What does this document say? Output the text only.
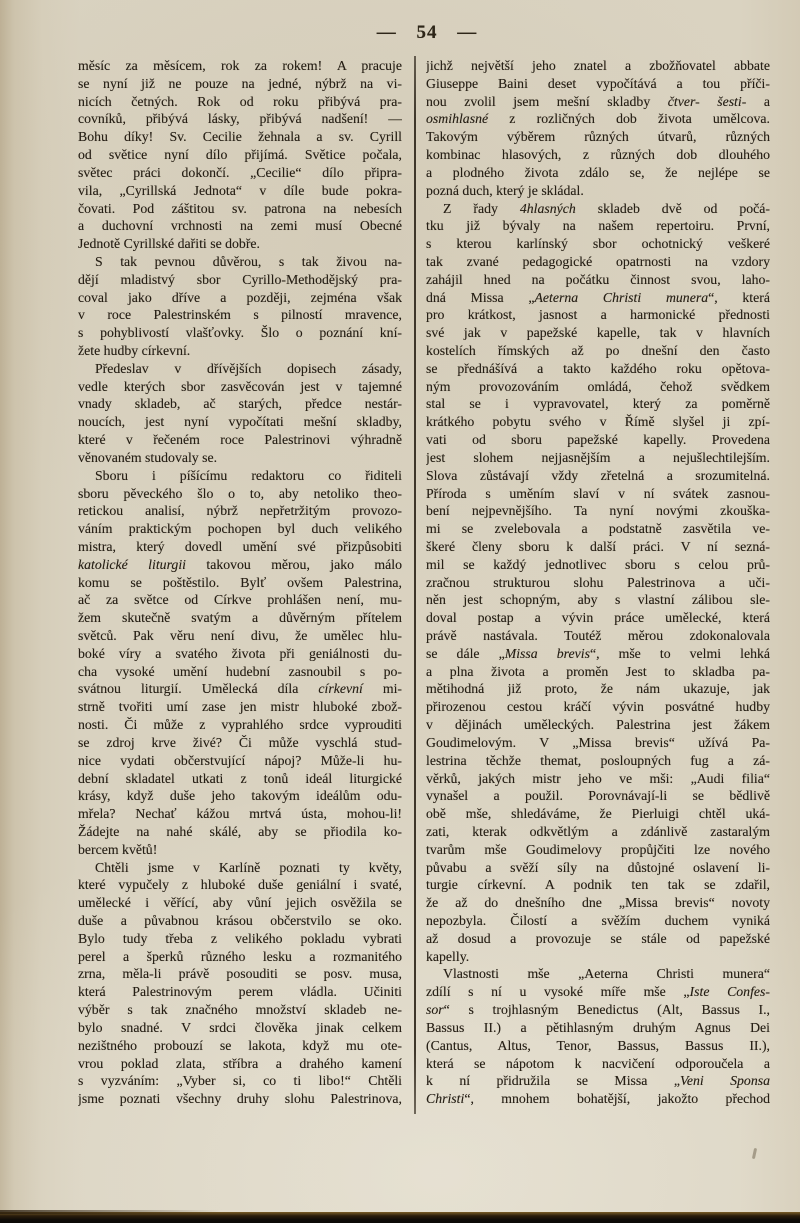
— 54 —
měsíc za měsícem, rok za rokem! A pracuje
se nyní již ne pouze na jedné, nýbrž na vi-
nicích četných. Rok od roku přibývá pra-
covníků, přibývá lásky, přibývá nadšení! —
Bohu díky! Sv. Cecilie žehnala a sv. Cyrill
od světice nyní dílo přijímá. Světice počala,
světec práci dokončí. „Cecilie“ dílo připra-
vila, „Cyrillská Jednota“ v díle bude pokra-
čovati. Pod záštitou sv. patrona na nebesích
a duchovní vrchnosti na zemi musí Obecné
Jednotě Cyrillské dařiti se dobře.
S tak pevnou důvěrou, s tak živou na-
dějí mladistvý sbor Cyrillo-Methodějský pra-
coval jako dříve a později, zejména však
v roce Palestrinském s pilností mravence,
s pohyblivostí vlašťovky. Šlo o poznání kní-
žete hudby církevní.
Předeslav v dřívějších dopisech zásady,
vedle kterých sbor zasvěcován jest v tajemné
vnady skladeb, ač starých, předce nestár-
noucích, jest nyní vypočítati mešní skladby,
které v řečeném roce Palestrinovi výhradně
věnovaném studovaly se.
Sboru i píšícímu redaktoru co řiditeli
sboru pěveckého šlo o to, aby netoliko theo-
retickou analisí, nýbrž nepřetržitým provozo-
váním praktickým pochopen byl duch velikého
mistra, který dovedl umění své přizpůsobiti
katolické liturgii takovou měrou, jako málo
komu se poštěstilo. Bylť ovšem Palestrina,
ač za světce od Církve prohlášen není, mu-
žem skutečně svatým a důvěrným přítelem
světců. Pak věru není divu, že umělec hlu-
boké víry a svatého života při geniálnosti du-
cha vysoké umění hudební zasnoubil s po-
svátnou liturgií. Umělecká díla církevní mi-
strně tvořiti umí zase jen mistr hluboké zbož-
nosti. Či může z vyprahlého srdce vyprouditi
se zdroj krve živé? Či může vyschlá stud-
nice vydati občerstvující nápoj? Může-li hu-
dební skladatel utkati z tonů ideál liturgické
krásy, když duše jeho takovým ideálům odu-
mřela? Nechať kážou mrtvá ústa, mohou-li!
Žádejte na nahé skálé, aby se přiodila ko-
bercem květů!
Chtěli jsme v Karlíně poznati ty květy,
které vypučely z hluboké duše geniální i svaté,
umělecké i věřící, aby vůní jejich osvěžila se
duše a půvabnou krásou občerstvilo se oko.
Bylo tudy třeba z velikého pokladu vybrati
perel a šperků různého lesku a rozmanitého
zrna, měla-li právě posouditi se posv. musa,
která Palestrinovým perem vládla. Učiniti
výběr s tak značného množství skladeb ne-
bylo snadné. V srdci člověka jinak celkem
nezištného probouzí se lakota, když mu ote-
vrou poklad zlata, stříbra a drahého kamení
s vyzváním: „Vyber si, co ti libo!“ Chtěli
jsme poznati všechny druhy slohu Palestrinova,
jichž největší jeho znatel a zbožňovatel abbate
Giuseppe Baini deset vypočítává a tou příči-
nou zvolil jsem mešní skladby čtver- šesti- a
osmihlasné z rozličných dob života umělcova.
Takovým výběrem různých útvarů, různých
kombinac hlasových, z různých dob dlouhého
a plodného života zdálo se, že nejlépe se
pozná duch, který je skládal.
Z řady 4hlasných skladeb dvě od počá-
tku již bývaly na našem repertoiru. První,
s kterou karlínský sbor ochotnický veškeré
tak zvané pedagogické opatrnosti na vzdory
zahájil hned na počátku činnost svou, laho-
dná Missa „Aeterna Christi munera“, která
pro krátkost, jasnost a harmonické přednosti
své jak v papežské kapelle, tak v hlavních
kostelích římských až po dnešní den často
se přednášívá a takto každého roku opětova-
ným provozováním omládá, čehož svědkem
stal se i vypravovatel, který za poměrně
krátkého pobytu svého v Římě slyšel ji zpí-
vati od sboru papežské kapelly. Provedena
jest slohem nejjasnějším a nejušlechtilejším.
Slova zůstávají vždy zřetelná a srozumitelná.
Příroda s uměním slaví v ní svátek zasnou-
bení nejpevnějšího. Ta nyní novými zkouška-
mi se zvelebovala a podstatně zasvětila ve-
škeré členy sboru k další práci. V ní sezná-
mil se každý jednotlivec sboru s celou prů-
zračnou strukturou slohu Palestrinova a uči-
něn jest schopným, aby s vlastní zálibou sle-
doval postap a vývin práce umělecké, která
právě nastávala. Toutéž měrou zdokonalovala
se dále „Missa brevis“, mše to velmi lehká
a plna života a proměn Jest to skladba pa-
mětihodná již proto, že nám ukazuje, jak
přirozenou cestou kráčí vývin posvátné hudby
v dějinách uměleckých. Palestrina jest žákem
Goudimelovým. V „Missa brevis“ užívá Pa-
lestrina těchže themat, posloupných fug a zá-
věrků, jakých mistr jeho ve mši: „Audi filia“
vynašel a použil. Porovnávají-li se bědlivě
obě mše, shledáváme, že Pierluigi chtěl uká-
zati, kterak odkvětlým a zdánlivě zastaralým
tvarům mše Goudimelovy propůjčiti lze nového
půvabu a svěží síly na důstojné oslavení li-
turgie církevní. A podnik ten tak se zdařil,
že až do dnešního dne „Missa brevis“ novoty
nepozbyla. Čilostí a svěžím duchem vyniká
až dosud a provozuje se stále od papežské
kapelly.
Vlastnosti mše „Aeterna Christi munera“
zdílí s ní u vysoké míře mše „Iste Confes-
sor“ s trojhlasným Benedictus (Alt, Bassus I.,
Bassus II.) a pětihlasným druhým Agnus Dei
(Cantus, Altus, Tenor, Bassus, Bassus II.),
která se nápotom k nacvičení odporoučela a
k ní přidružila se Missa „Veni Sponsa
Christi“, mnohem bohatější, jakožto přechod
